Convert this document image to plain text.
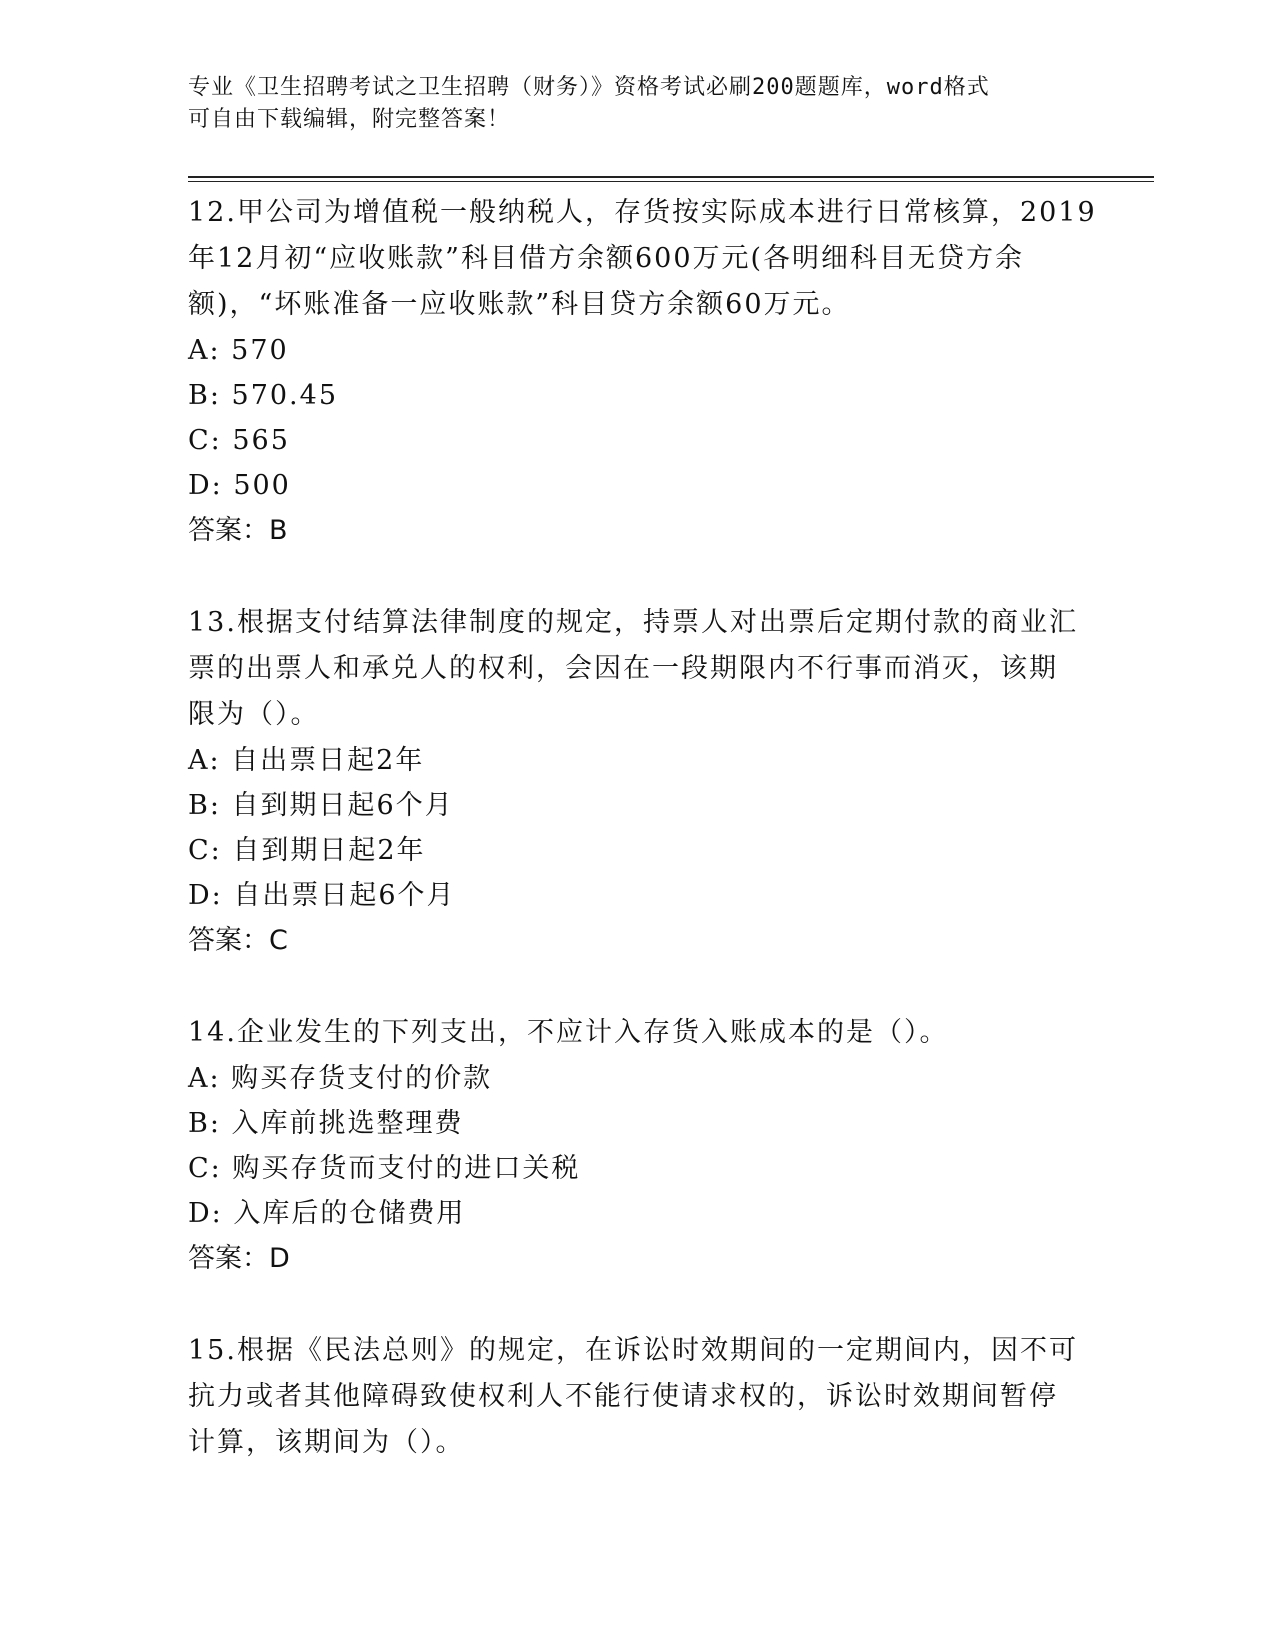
专业《卫生招聘考试之卫生招聘（财务）》资格考试必刷200题题库，word格式

可自由下载编辑，附完整答案！

12.甲公司为增值税一般纳税人，存货按实际成本进行日常核算，2019
年12月初“应收账款”科目借方余额600万元(各明细科目无贷方余
额)，“坏账准备一应收账款”科目贷方余额60万元。

A: 570

B: 570.45

C: 565

D: 500

答案：B

13.根据支付结算法律制度的规定，持票人对出票后定期付款的商业汇
票的出票人和承兑人的权利，会因在一段期限内不行事而消灭，该期
限为（）。

A: 自出票日起2年

B: 自到期日起6个月

C: 自到期日起2年

D: 自出票日起6个月

答案：C

14.企业发生的下列支出，不应计入存货入账成本的是（）。

A: 购买存货支付的价款

B: 入库前挑选整理费

C: 购买存货而支付的进口关税

D: 入库后的仓储费用

答案：D

15.根据《民法总则》的规定，在诉讼时效期间的一定期间内，因不可
抗力或者其他障碍致使权利人不能行使请求权的，诉讼时效期间暂停
计算，该期间为（）。
